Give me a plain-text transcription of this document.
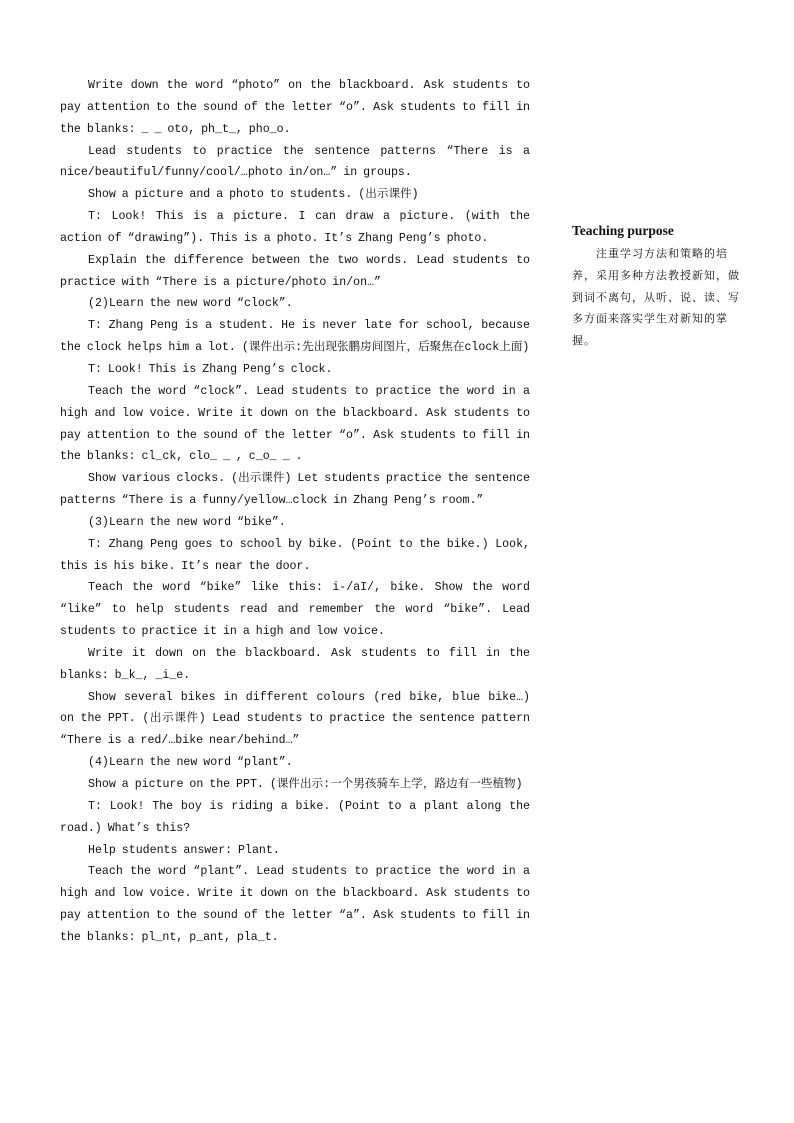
Write down the word “photo” on the blackboard. Ask students to pay attention to the sound of the letter “o”. Ask students to fill in the blanks: _ _ oto, ph_t_, pho_o.

Lead students to practice the sentence patterns “There is a nice/beautiful/funny/cool/…photo in/on…” in groups.

Show a picture and a photo to students. (出示课件)

T: Look! This is a picture. I can draw a picture. (with the action of “drawing”). This is a photo. It’s Zhang Peng’s photo.

Explain the difference between the two words. Lead students to practice with “There is a picture/photo in/on…”

(2)Learn the new word “clock”.

T: Zhang Peng is a student. He is never late for school, because the clock helps him a lot. (课件出示:先出现张鹏房间图片，后聚焦在clock上面)

T: Look! This is Zhang Peng’s clock.

Teach the word “clock”. Lead students to practice the word in a high and low voice. Write it down on the blackboard. Ask students to pay attention to the sound of the letter “o”. Ask students to fill in the blanks: cl_ck, clo_ _ , c_o_ _ .

Show various clocks. (出示课件) Let students practice the sentence patterns “There is a funny/yellow…clock in Zhang Peng’s room.”

(3)Learn the new word “bike”.

T: Zhang Peng goes to school by bike. (Point to the bike.) Look, this is his bike. It’s near the door.

Teach the word “bike” like this: i-/aI/, bike. Show the word “like” to help students read and remember the word “bike”. Lead students to practice it in a high and low voice.

Write it down on the blackboard. Ask students to fill in the blanks: b_k_, _i_e.

Show several bikes in different colours (red bike, blue bike…) on the PPT. (出示课件) Lead students to practice the sentence pattern “There is a red/…bike near/behind…”

(4)Learn the new word “plant”.

Show a picture on the PPT. (课件出示:一个男孩骑车上学，路边有一些植物)

T: Look! The boy is riding a bike. (Point to a plant along the road.) What’s this?

Help students answer: Plant.

Teach the word “plant”. Lead students to practice the word in a high and low voice. Write it down on the blackboard. Ask students to pay attention to the sound of the letter “a”. Ask students to fill in the blanks: pl_nt, p_ant, pla_t.

Teaching purpose

注重学习方法和策略的培养，采用多种方法教授新知，做到词不离句，从听、说、读、写多方面来落实学生对新知的掌握。
